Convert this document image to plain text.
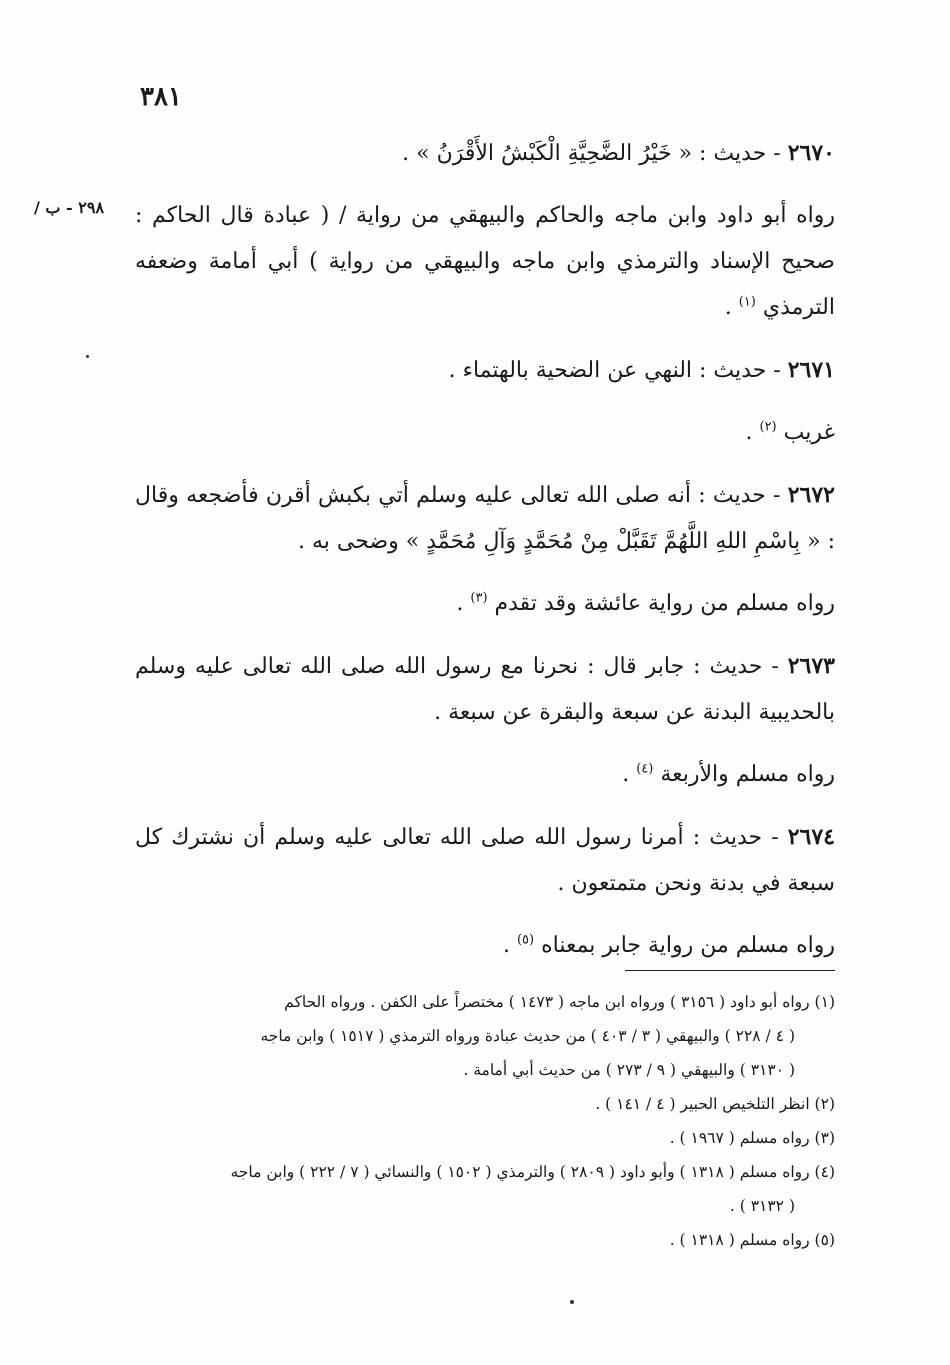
٣٨١
٢٩٨ - ب /

٢٦٧٠ - حديث : « خَيْرُ الضَّحِيَّةِ الْكَبْشُ الأَقْرَنُ » .

رواه أبو داود وابن ماجه والحاكم والبيهقي من رواية / ( عبادة قال الحاكم : صحيح الإسناد والترمذي وابن ماجه والبيهقي من رواية ) أبي أمامة وضعفه الترمذي $^{(١)}$ .

٢٦٧١ - حديث : النهي عن الضحية بالهتماء .

غريب $^{(٢)}$ .

٢٦٧٢ - حديث : أنه صلى الله تعالى عليه وسلم أتي بكبش أقرن فأضجعه وقال : « بِاسْمِ اللهِ اللَّهُمَّ تَقَبَّلْ مِنْ مُحَمَّدٍ وَآلِ مُحَمَّدٍ » وضحى به .

رواه مسلم من رواية عائشة وقد تقدم $^{(٣)}$ .

٢٦٧٣ - حديث : جابر قال : نحرنا مع رسول الله صلى الله تعالى عليه وسلم بالحديبية البدنة عن سبعة والبقرة عن سبعة .

رواه مسلم والأربعة $^{(٤)}$ .

٢٦٧٤ - حديث : أمرنا رسول الله صلى الله تعالى عليه وسلم أن نشترك كل سبعة في بدنة ونحن متمتعون .

رواه مسلم من رواية جابر بمعناه $^{(٥)}$ .

(١) رواه أبو داود ( ٣١٥٦ ) ورواه ابن ماجه ( ١٤٧٣ ) مختصراً على الكفن . ورواه الحاكم
( ٤ / ٢٢٨ ) والبيهقي ( ٣ / ٤٠٣ ) من حديث عبادة ورواه الترمذي ( ١٥١٧ ) وابن ماجه
( ٣١٣٠ ) والبيهقي ( ٩ / ٢٧٣ ) من حديث أبي أمامة .
(٢) انظر التلخيص الحبير ( ٤ / ١٤١ ) .
(٣) رواه مسلم ( ١٩٦٧ ) .
(٤) رواه مسلم ( ١٣١٨ ) وأبو داود ( ٢٨٠٩ ) والترمذي ( ١٥٠٢ ) والنسائي ( ٧ / ٢٢٢ ) وابن ماجه
( ٣١٣٢ ) .
(٥) رواه مسلم ( ١٣١٨ ) .
